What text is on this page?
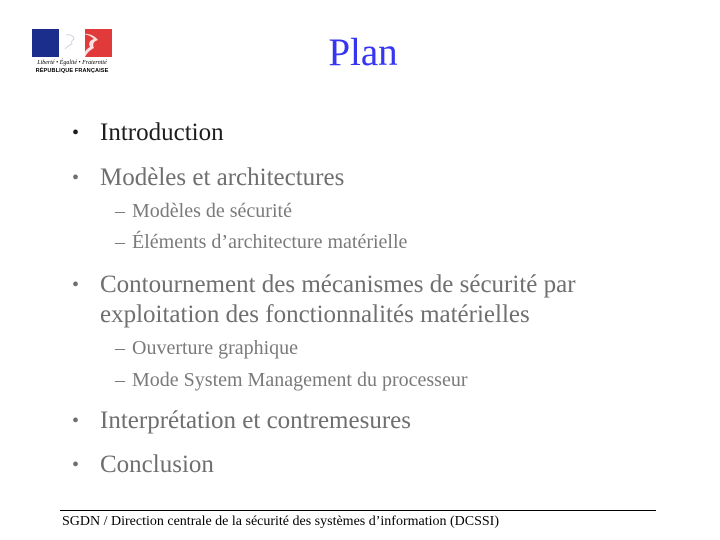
Liberté • Égalité • Fraternité
RÉPUBLIQUE FRANÇAISE	Plan
• Introduction
• Modèles et architectures
– Modèles de sécurité
– Éléments d’architecture matérielle
• Contournement des mécanismes de sécurité par
exploitation des fonctionnalités matérielles
– Ouverture graphique
– Mode System Management du processeur
• Interprétation et contremesures
• Conclusion
SGDN / Direction centrale de la sécurité des systèmes d’information (DCSSI)
